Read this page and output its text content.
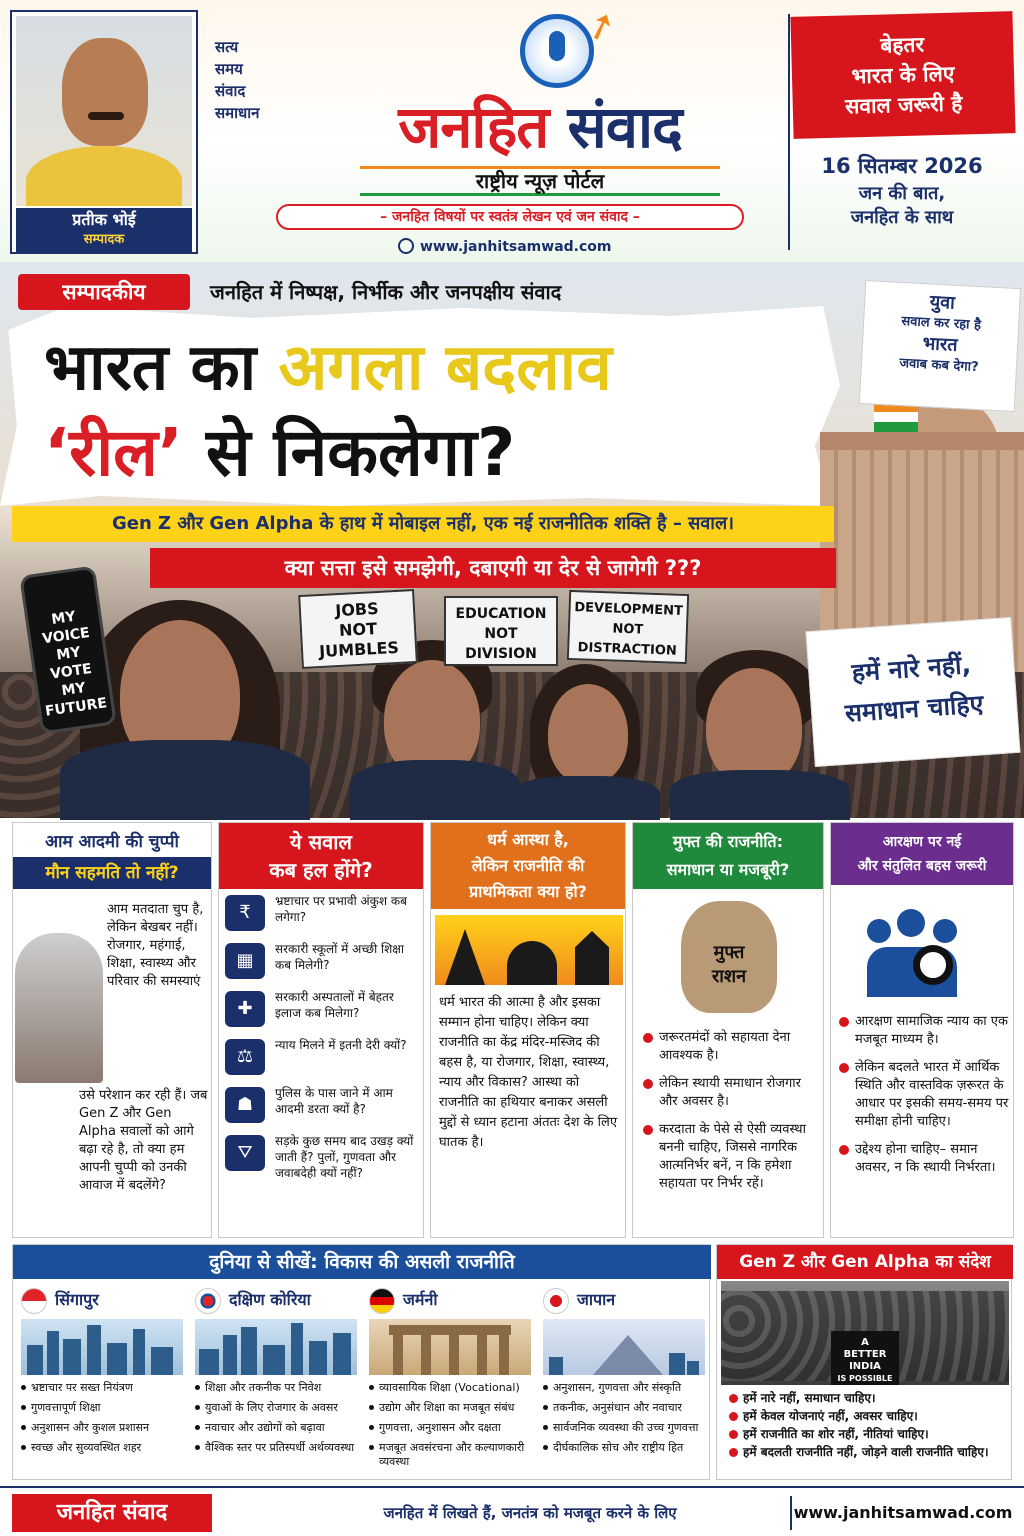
प्रतीक भोई
सम्पादक
सत्य
समय
संवाद
समाधान
➚
जनहित संवाद
राष्ट्रीय न्यूज़ पोर्टल
– जनहित विषयों पर स्वतंत्र लेखन एवं जन संवाद –
www.janhitsamwad.com
बेहतर
भारत के लिए
सवाल जरूरी है
16 सितम्बर 2026
जन की बात,
जनहित के साथ
सम्पादकीय	जनहित में निष्पक्ष, निर्भीक और जनपक्षीय संवाद
भारत का अगला बदलाव
‘रील’ से निकलेगा?
Gen Z और Gen Alpha के हाथ में मोबाइल नहीं, एक नई राजनीतिक शक्ति है – सवाल।
क्या सत्ता इसे समझेगी, दबाएगी या देर से जागेगी ???
युवा
सवाल कर रहा है
भारत
जवाब कब देगा?
MY
VOICE
MY
VOTE
MY
FUTURE
JOBS
NOT
JUMBLES
EDUCATION
NOT
DIVISION
DEVELOPMENT
NOT
DISTRACTION
हमें नारे नहीं,
समाधान चाहिए
आम आदमी की चुप्पी
मौन सहमति तो नहीं?
आम मतदाता चुप है, लेकिन बेखबर नहीं। रोजगार, महंगाई, शिक्षा, स्वास्थ्य और परिवार की समस्याएं
उसे परेशान कर रही हैं। जब Gen Z और Gen Alpha सवालों को आगे बढ़ा रहे है, तो क्या हम आपनी चुप्पी को उनकी आवाज में बदलेंगे?
ये सवाल
कब हल होंगे?
₹
भ्रष्टाचार पर प्रभावी अंकुश कब लगेगा?
▦
सरकारी स्कूलों में अच्छी शिक्षा कब मिलेगी?
✚
सरकारी अस्पतालों में बेहतर इलाज कब मिलेगा?
⚖
न्याय मिलने में इतनी देरी क्यों?
☗
पुलिस के पास जाने में आम आदमी डरता क्यों है?
⛛
सड़के कुछ समय बाद उखड़ क्यों जाती हैं? पुलों, गुणवता और जवाबदेही क्यों नहीं?
धर्म आस्था है,
लेकिन राजनीति की
प्राथमिकता क्या हो?
धर्म भारत की आत्मा है और इसका सम्मान होना चाहिए। लेकिन क्या राजनीति का केंद्र मंदिर-मस्जिद की बहस है, या रोजगार, शिक्षा, स्वास्थ्य, न्याय और विकास? आस्था को राजनीति का हथियार बनाकर असली मुद्दों से ध्यान हटाना अंततः देश के लिए घातक है।
मुफ्त की राजनीति:
समाधान या मजबूरी?
मुफ्त
राशन
जरूरतमंदों को सहायता देना आवश्यक है।
लेकिन स्थायी समाधान रोजगार और अवसर है।
करदाता के पेसे से ऐसी व्यवस्था बननी चाहिए, जिससे नागरिक आत्मनिर्भर बनें, न कि हमेशा सहायता पर निर्भर रहें।
आरक्षण पर नई
और संतुलित बहस जरूरी
आरक्षण सामाजिक न्याय का एक मजबूत माध्यम है।
लेकिन बदलते भारत में आर्थिक स्थिति और वास्तविक ज़रूरत के आधार पर इसकी समय-समय पर समीक्षा होनी चाहिए।
उद्देश्य होना चाहिए– समान अवसर, न कि स्थायी निर्भरता।
दुनिया से सीखें: विकास की असली राजनीति
सिंगापुर
भ्रष्टाचार पर सख्त नियंत्रण
गुणवत्तापूर्ण शिक्षा
अनुशासन और कुशल प्रशासन
स्वच्छ और सुव्यवस्थित शहर
दक्षिण कोरिया
शिक्षा और तकनीक पर निवेश
युवाओं के लिए रोजगार के अवसर
नवाचार और उद्योगों को बढ़ावा
वैश्विक स्तर पर प्रतिस्पर्धी अर्थव्यवस्था
जर्मनी
व्यावसायिक शिक्षा (Vocational)
उद्योग और शिक्षा का मजबूत संबंध
गुणवत्ता, अनुशासन और दक्षता
मजबूत अवसंरचना और कल्याणकारी व्यवस्था
जापान
अनुशासन, गुणवत्ता और संस्कृति
तकनीक, अनुसंधान और नवाचार
सार्वजनिक व्यवस्था की उच्च गुणवत्ता
दीर्घकालिक सोच और राष्ट्रीय हित
Gen Z और Gen Alpha का संदेश
A
BETTER
INDIA
IS POSSIBLE
हमें नारे नहीं, समाधान चाहिए।
हमें केवल योजनाएं नहीं, अवसर चाहिए।
हमें राजनीति का शोर नहीं, नीतियां चाहिए।
हमें बदलती राजनीति नहीं, जोड़ने वाली राजनीति चाहिए।
जनहित संवाद	जनहित में लिखते हैं, जनतंत्र को मजबूत करने के लिए	www.janhitsamwad.com
